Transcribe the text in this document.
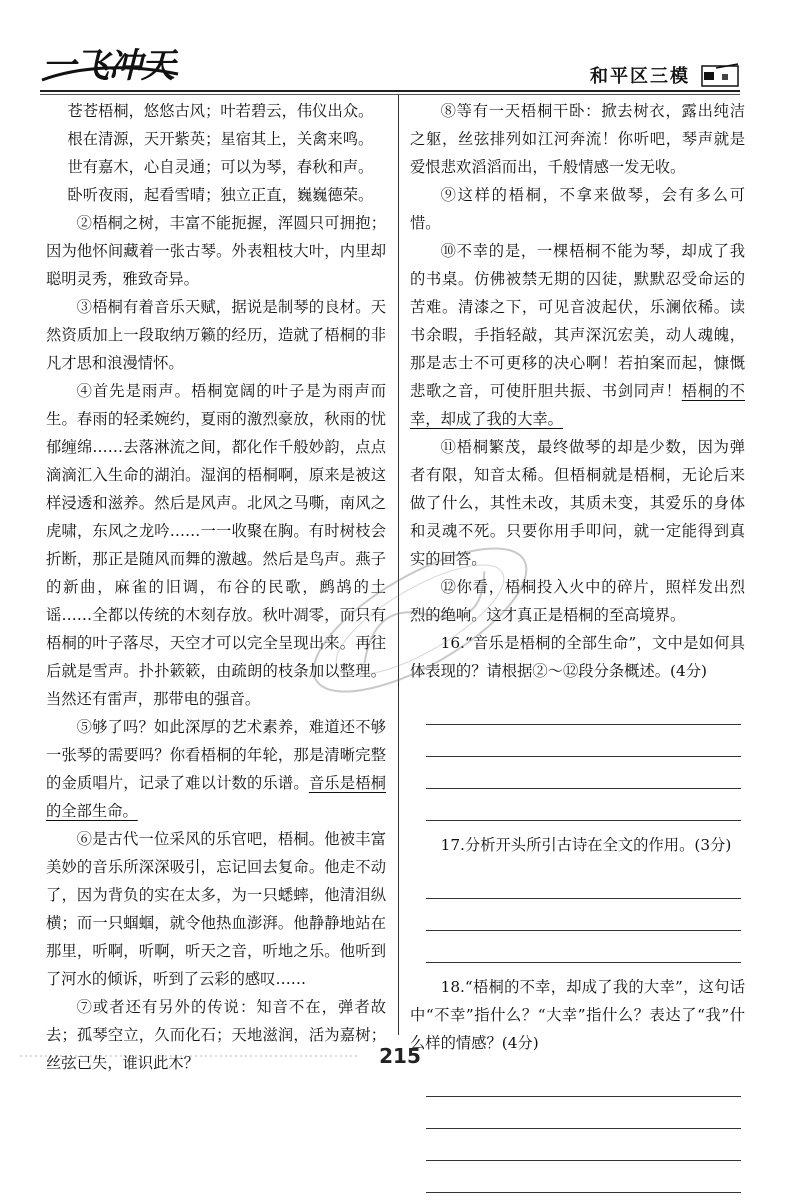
一飞冲天	和平区三模

苍苍梧桐，悠悠古风；叶若碧云，伟仪出众。

根在清源，天开紫英；星宿其上，关禽来鸣。

世有嘉木，心自灵通；可以为琴，春秋和声。

卧听夜雨，起看雪晴；独立正直，巍巍德荣。

②梧桐之树，丰富不能扼握，浑圆只可拥抱；因为他怀间藏着一张古琴。外表粗枝大叶，内里却聪明灵秀，雅致奇异。

③梧桐有着音乐天赋，据说是制琴的良材。天然资质加上一段取纳万籁的经历，造就了梧桐的非凡才思和浪漫情怀。

④首先是雨声。梧桐宽阔的叶子是为雨声而生。春雨的轻柔婉约，夏雨的激烈豪放，秋雨的忧郁缠绵……去落淋流之间，都化作千般妙韵，点点滴滴汇入生命的湖泊。湿润的梧桐啊，原来是被这样浸透和滋养。然后是风声。北风之马嘶，南风之虎啸，东风之龙吟……一一收聚在胸。有时树枝会折断，那正是随风而舞的激越。然后是鸟声。燕子的新曲，麻雀的旧调，布谷的民歌，鹧鸪的土谣……全都以传统的木刻存放。秋叶凋零，而只有梧桐的叶子落尽，天空才可以完全呈现出来。再往后就是雪声。扑扑簌簌，由疏朗的枝条加以整理。当然还有雷声，那带电的强音。

⑤够了吗？如此深厚的艺术素养，难道还不够一张琴的需要吗？你看梧桐的年轮，那是清晰完整的金质唱片，记录了难以计数的乐谱。音乐是梧桐的全部生命。

⑥是古代一位采风的乐官吧，梧桐。他被丰富美妙的音乐所深深吸引，忘记回去复命。他走不动了，因为背负的实在太多，为一只蟋蟀，他清泪纵横；而一只蝈蝈，就令他热血澎湃。他静静地站在那里，听啊，听啊，听天之音，听地之乐。他听到了河水的倾诉，听到了云彩的感叹……

⑦或者还有另外的传说：知音不在，弹者故去；孤琴空立，久而化石；天地滋润，活为嘉树；丝弦已失，谁识此木？

⑧等有一天梧桐干卧：掀去树衣，露出纯洁之躯，丝弦排列如江河奔流！你听吧，琴声就是爱恨悲欢滔滔而出，千般情感一发无收。

⑨这样的梧桐，不拿来做琴，会有多么可惜。

⑩不幸的是，一棵梧桐不能为琴，却成了我的书桌。仿佛被禁无期的囚徒，默默忍受命运的苦难。清漆之下，可见音波起伏，乐澜依稀。读书余暇，手指轻敲，其声深沉宏美，动人魂魄，那是志士不可更移的决心啊！若拍案而起，慷慨悲歌之音，可使肝胆共振、书剑同声！梧桐的不幸，却成了我的大幸。

⑪梧桐繁茂，最终做琴的却是少数，因为弹者有限，知音太稀。但梧桐就是梧桐，无论后来做了什么，其性未改，其质未变，其爱乐的身体和灵魂不死。只要你用手叩问，就一定能得到真实的回答。

⑫你看，梧桐投入火中的碎片，照样发出烈烈的绝响。这才真正是梧桐的至高境界。

16.“音乐是梧桐的全部生命”，文中是如何具体表现的？请根据②～⑫段分条概述。(4分)

17.分析开头所引古诗在全文的作用。(3分)

18.“梧桐的不幸，却成了我的大幸”，这句话中“不幸”指什么？“大幸”指什么？表达了“我”什么样的情感？(4分)

215
